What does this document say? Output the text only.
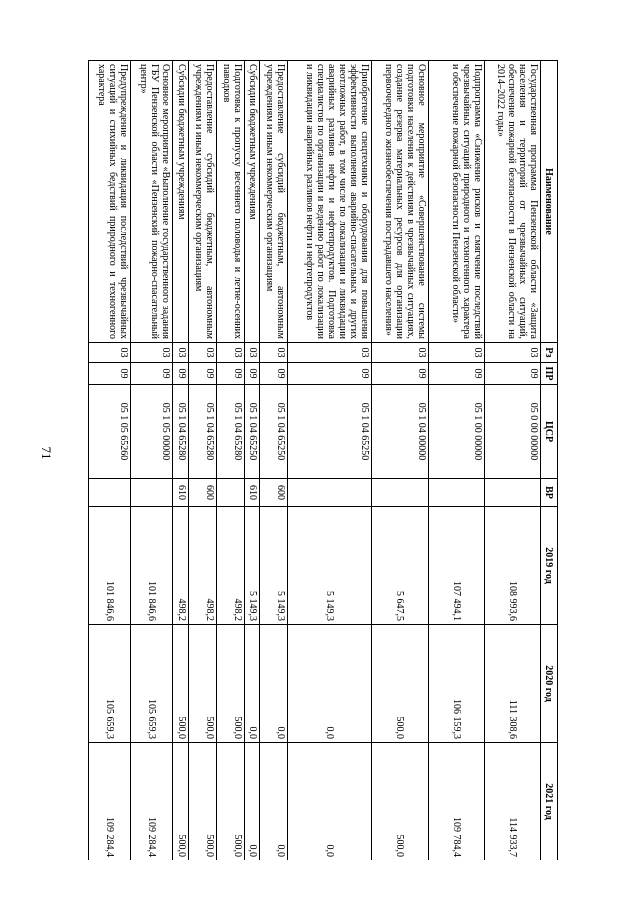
71
Наименование	Рз	ПР	ЦСР	ВР	2019 год	2020 год	2021 год
Государственная программа Пензенской области «Защита населения и территорий от чрезвычайных ситуаций, обеспечение пожарной безопасности в Пензенской области на 2014–2022 годы»	03	09	05 0 00 00000		108 993,6	111 308,6	114 933,7
Подпрограмма «Снижение рисков и смягчение последствий чрезвычайных ситуаций природного и техногенного характера и обеспечение пожарной безопасности Пензенской области»	03	09	05 1 00 00000		107 494,1	106 159,3	109 784,4
Основное мероприятие «Совершенствование системы подготовки населения к действиям в чрезвычайных ситуациях, создание резерва материальных ресурсов для организации первоочередного жизнеобеспечения пострадавшего населения»	03	09	05 1 04 00000		5 647,5	500,0	500,0
Приобретение спецтехники и оборудования для повышения эффективности выполнения аварийно-спасательных и других неотложных работ, в том числе по локализации и ликвидации аварийных разливов нефти и нефтепродуктов. Подготовка специалистов по организации и ведению работ по локализации и ликвидации аварийных разливов нефти и нефтепродуктов	03	09	05 1 04 65250		5 149,3	0,0	0,0
Предоставление субсидий бюджетным, автономным учреждениям и иным некоммерческим организациям	03	09	05 1 04 65250	600	5 149,3	0,0	0,0
Субсидии бюджетным учреждениям	03	09	05 1 04 65250	610	5 149,3	0,0	0,0
Подготовка к пропуску весеннего половодья и летне-осенних паводков	03	09	05 1 04 65280		498,2	500,0	500,0
Предоставление субсидий бюджетным, автономным учреждениям и иным некоммерческим организациям	03	09	05 1 04 65280	600	498,2	500,0	500,0
Субсидии бюджетным учреждениям	03	09	05 1 04 65280	610	498,2	500,0	500,0
Основное мероприятие «Выполнение государственного задания ГБУ Пензенской области «Пензенский пожарно-спасательный центр»	03	09	05 1 05 00000		101 846,6	105 659,3	109 284,4
Предупреждение и ликвидация последствий чрезвычайных ситуаций и стихийных бедствий природного и техногенного характера	03	09	05 1 05 65260		101 846,6	105 659,3	109 284,4
